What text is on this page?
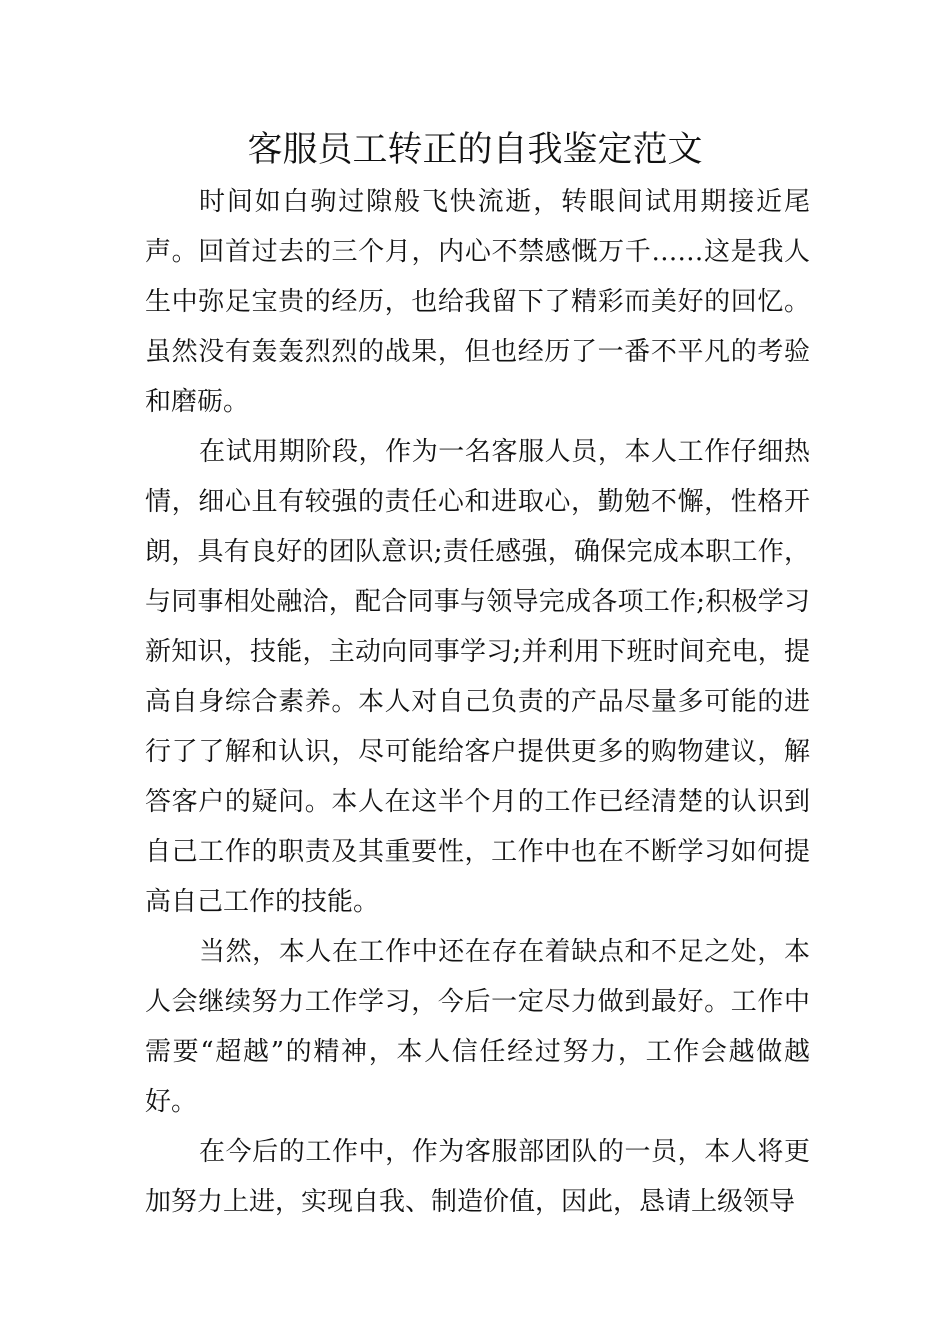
客服员工转正的自我鉴定范文

时间如白驹过隙般飞快流逝，转眼间试用期接近尾声。回首过去的三个月，内心不禁感慨万千……这是我人生中弥足宝贵的经历，也给我留下了精彩而美好的回忆。虽然没有轰轰烈烈的战果，但也经历了一番不平凡的考验和磨砺。

在试用期阶段，作为一名客服人员，本人工作仔细热情，细心且有较强的责任心和进取心，勤勉不懈，性格开朗，具有良好的团队意识;责任感强，确保完成本职工作，与同事相处融洽，配合同事与领导完成各项工作;积极学习新知识，技能，主动向同事学习;并利用下班时间充电，提高自身综合素养。本人对自己负责的产品尽量多可能的进行了了解和认识，尽可能给客户提供更多的购物建议，解答客户的疑问。本人在这半个月的工作已经清楚的认识到自己工作的职责及其重要性，工作中也在不断学习如何提高自己工作的技能。

当然，本人在工作中还在存在着缺点和不足之处，本人会继续努力工作学习，今后一定尽力做到最好。工作中需要“超越”的精神，本人信任经过努力，工作会越做越好。

在今后的工作中，作为客服部团队的一员，本人将更加努力上进，实现自我、制造价值，因此，恳请上级领导
